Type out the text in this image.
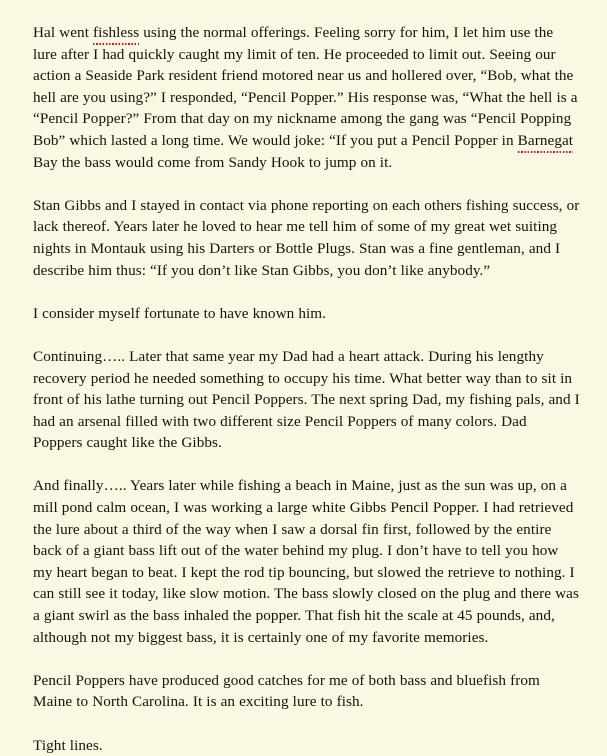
Hal went fishless using the normal offerings. Feeling sorry for him, I let him use the lure after I had quickly caught my limit of ten. He proceeded to limit out. Seeing our action a Seaside Park resident friend motored near us and hollered over, “Bob, what the hell are you using?” I responded, “Pencil Popper.” His response was, “What the hell is a “Pencil Popper?” From that day on my nickname among the gang was “Pencil Popping Bob” which lasted a long time. We would joke: “If you put a Pencil Popper in Barnegat Bay the bass would come from Sandy Hook to jump on it.

Stan Gibbs and I stayed in contact via phone reporting on each others fishing success, or lack thereof. Years later he loved to hear me tell him of some of my great wet suiting nights in Montauk using his Darters or Bottle Plugs. Stan was a fine gentleman, and I describe him thus: “If you don’t like Stan Gibbs, you don’t like anybody.”

I consider myself fortunate to have known him.

Continuing….. Later that same year my Dad had a heart attack. During his lengthy recovery period he needed something to occupy his time. What better way than to sit in front of his lathe turning out Pencil Poppers. The next spring Dad, my fishing pals, and I had an arsenal filled with two different size Pencil Poppers of many colors. Dad Poppers caught like the Gibbs.

And finally….. Years later while fishing a beach in Maine, just as the sun was up, on a mill pond calm ocean, I was working a large white Gibbs Pencil Popper. I had retrieved the lure about a third of the way when I saw a dorsal fin first, followed by the entire back of a giant bass lift out of the water behind my plug. I don’t have to tell you how my heart began to beat. I kept the rod tip bouncing, but slowed the retrieve to nothing. I can still see it today, like slow motion. The bass slowly closed on the plug and there was a giant swirl as the bass inhaled the popper. That fish hit the scale at 45 pounds, and, although not my biggest bass, it is certainly one of my favorite memories.

Pencil Poppers have produced good catches for me of both bass and bluefish from Maine to North Carolina. It is an exciting lure to fish.

Tight lines.
